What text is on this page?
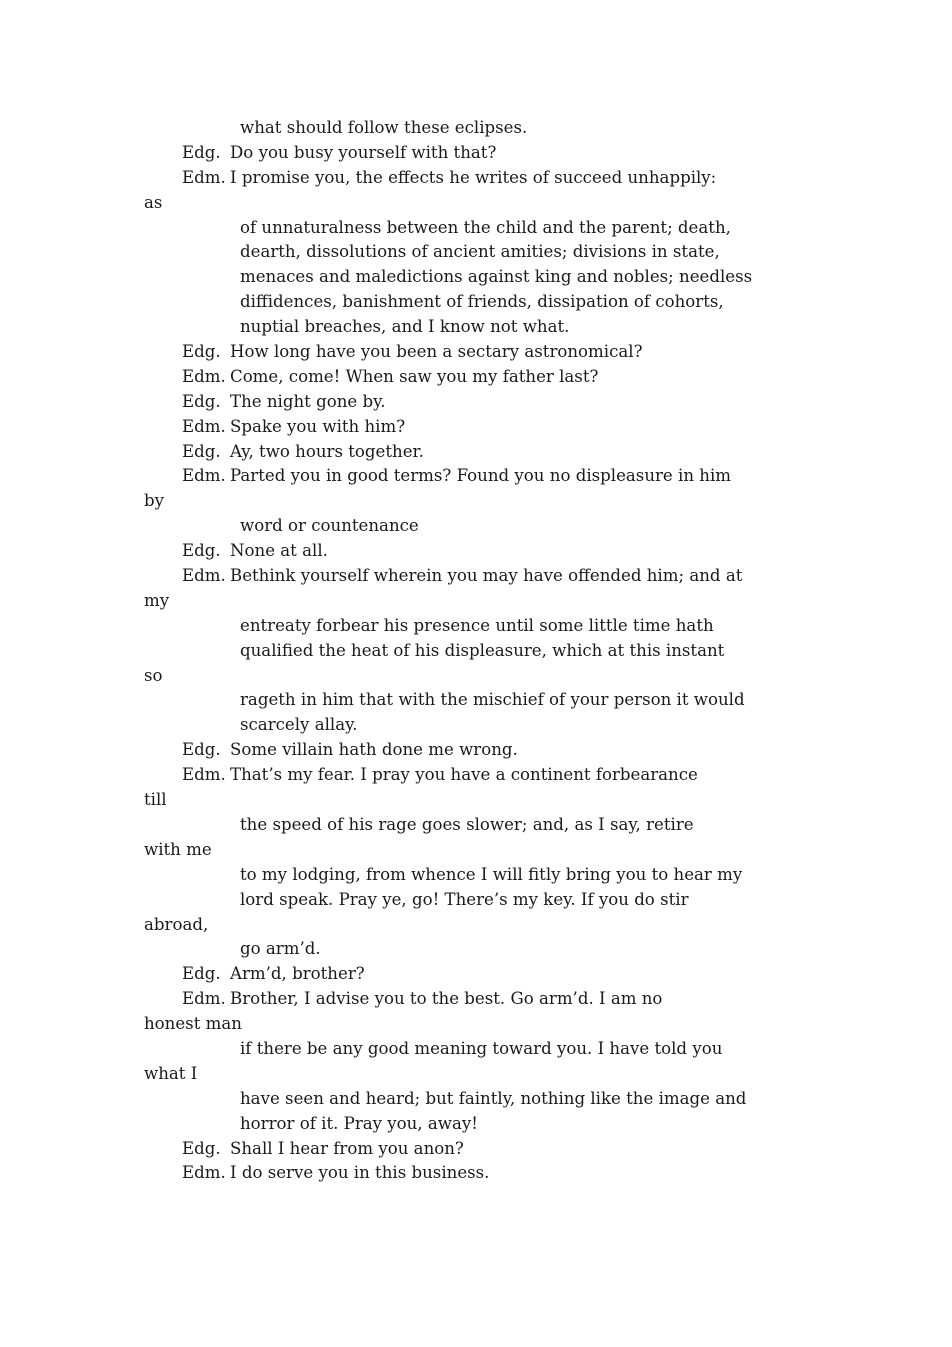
what should follow these eclipses.
Edg. Do you busy yourself with that?
Edm. I promise you, the effects he writes of succeed unhappily:
as
of unnaturalness between the child and the parent; death,
dearth, dissolutions of ancient amities; divisions in state,
menaces and maledictions against king and nobles; needless
diffidences, banishment of friends, dissipation of cohorts,
nuptial breaches, and I know not what.
Edg. How long have you been a sectary astronomical?
Edm. Come, come! When saw you my father last?
Edg. The night gone by.
Edm. Spake you with him?
Edg. Ay, two hours together.
Edm. Parted you in good terms? Found you no displeasure in him
by
word or countenance
Edg. None at all.
Edm. Bethink yourself wherein you may have offended him; and at
my
entreaty forbear his presence until some little time hath
qualified the heat of his displeasure, which at this instant
so
rageth in him that with the mischief of your person it would
scarcely allay.
Edg. Some villain hath done me wrong.
Edm. That’s my fear. I pray you have a continent forbearance
till
the speed of his rage goes slower; and, as I say, retire
with me
to my lodging, from whence I will fitly bring you to hear my
lord speak. Pray ye, go! There’s my key. If you do stir
abroad,
go arm’d.
Edg. Arm’d, brother?
Edm. Brother, I advise you to the best. Go arm’d. I am no
honest man
if there be any good meaning toward you. I have told you
what I
have seen and heard; but faintly, nothing like the image and
horror of it. Pray you, away!
Edg. Shall I hear from you anon?
Edm. I do serve you in this business.
